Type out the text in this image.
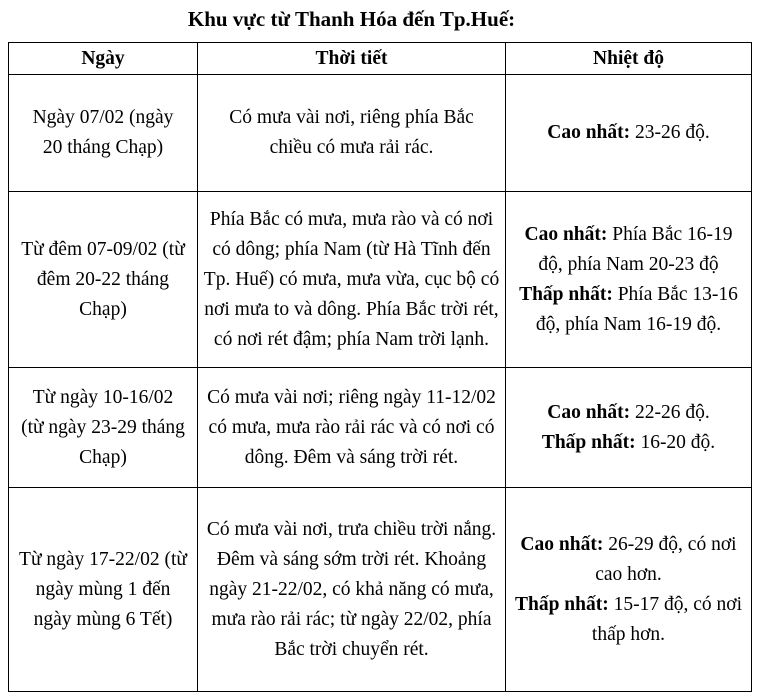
Khu vực từ Thanh Hóa đến Tp.Huế:
Ngày	Thời tiết	Nhiệt độ

Ngày 07/02 (ngày 20 tháng Chạp)	Có mưa vài nơi, riêng phía Bắc chiều có mưa rải rác.	Cao nhất: 23-26 độ.

Từ đêm 07-09/02 (từ đêm 20-22 tháng Chạp)	Phía Bắc có mưa, mưa rào và có nơi có dông; phía Nam (từ Hà Tĩnh đến Tp. Huế) có mưa, mưa vừa, cục bộ có nơi mưa to và dông. Phía Bắc trời rét, có nơi rét đậm; phía Nam trời lạnh.	Cao nhất: Phía Bắc 16-19 độ, phía Nam 20-23 độ
Thấp nhất: Phía Bắc 13-16 độ, phía Nam 16-19 độ.

Từ ngày 10-16/02 (từ ngày 23-29 tháng Chạp)	Có mưa vài nơi; riêng ngày 11-12/02 có mưa, mưa rào rải rác và có nơi có dông. Đêm và sáng trời rét.	Cao nhất: 22-26 độ.
Thấp nhất: 16-20 độ.

Từ ngày 17-22/02 (từ ngày mùng 1 đến ngày mùng 6 Tết)	Có mưa vài nơi, trưa chiều trời nắng. Đêm và sáng sớm trời rét. Khoảng ngày 21-22/02, có khả năng có mưa, mưa rào rải rác; từ ngày 22/02, phía Bắc trời chuyển rét.	Cao nhất: 26-29 độ, có nơi cao hơn.
Thấp nhất: 15-17 độ, có nơi thấp hơn.
